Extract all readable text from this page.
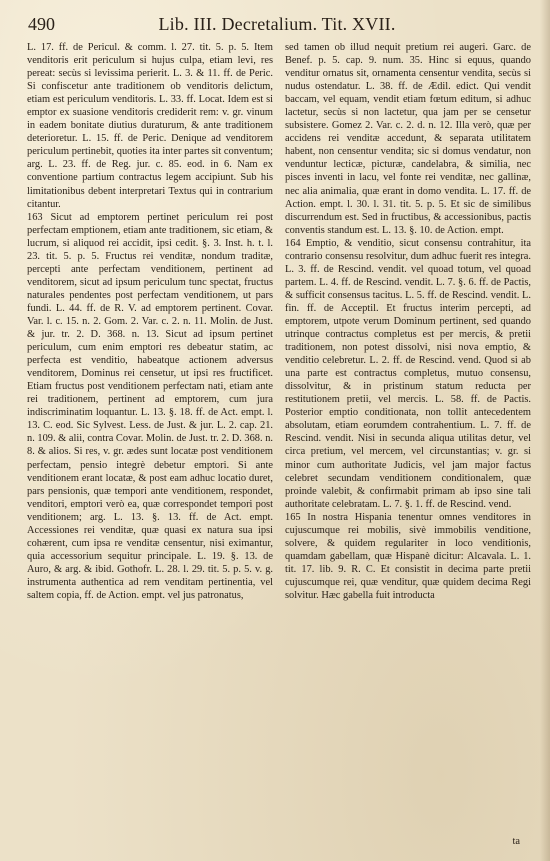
490	Lib. III. Decretalium. Tit. XVII.

L. 17. ff. de Pericul. & comm. l. 27. tit. 5. p. 5. Item venditoris erit periculum si hujus culpa, etiam levi, res pereat: secùs si levissima perierit. L. 3. & 11. ff. de Peric. Si confiscetur ante traditionem ob venditoris delictum, etiam est periculum venditoris. L. 33. ff. Locat. Idem est si emptor ex suasione venditoris crediderit rem: v. gr. vinum in eadem bonitate diutius duraturum, & ante traditionem deterioretur. L. 15. ff. de Peric. Denique ad venditorem periculum pertinebit, quoties ita inter partes sit conventum; arg. L. 23. ff. de Reg. jur. c. 85. eod. in 6. Nam ex conventione partium contractus legem accipiunt. Sub his limitationibus debent interpretari Textus qui in contrarium citantur.

163 Sicut ad emptorem pertinet periculum rei post perfectam emptionem, etiam ante traditionem, sic etiam, & lucrum, si aliquod rei accidit, ipsi cedit. §. 3. Inst. h. t. l. 23. tit. 5. p. 5. Fructus rei venditæ, nondum traditæ, percepti ante perfectam venditionem, pertinent ad venditorem, sicut ad ipsum periculum tunc spectat, fructus naturales pendentes post perfectam venditionem, ut pars fundi. L. 44. ff. de R. V. ad emptorem pertinent. Covar. Var. l. c. 15. n. 2. Gom. 2. Var. c. 2. n. 11. Molin. de Just. & jur. tr. 2. D. 368. n. 13. Sicut ad ipsum pertinet periculum, cum enim emptori res debeatur statim, ac perfecta est venditio, habeatque actionem adversus venditorem, Dominus rei censetur, ut ipsi res fructificet. Etiam fructus post venditionem perfectam nati, etiam ante rei traditionem, pertinent ad emptorem, cum jura indiscriminatim loquantur. L. 13. §. 18. ff. de Act. empt. l. 13. C. eod. Sic Sylvest. Less. de Just. & jur. L. 2. cap. 21. n. 109. & alii, contra Covar. Molin. de Just. tr. 2. D. 368. n. 8. & alios. Si res, v. gr. ædes sunt locatæ post venditionem perfectam, pensio integrè debetur emptori. Si ante venditionem erant locatæ, & post eam adhuc locatio duret, pars pensionis, quæ tempori ante venditionem, respondet, venditori, emptori verò ea, quæ correspondet tempori post venditionem; arg. L. 13. §. 13. ff. de Act. empt. Accessiones rei venditæ, quæ quasi ex natura sua ipsi cohærent, cum ipsa re venditæ censentur, nisi eximantur, quia accessorium sequitur principale. L. 19. §. 13. de Auro, & arg. & ibid. Gothofr. L. 28. l. 29. tit. 5. p. 5. v. g. instrumenta authentica ad rem venditam pertinentia, vel saltem copia, ff. de Action. empt. vel jus patronatus,

sed tamen ob illud nequit pretium rei augeri. Garc. de Benef. p. 5. cap. 9. num. 35. Hinc si equus, quando venditur ornatus sit, ornamenta censentur vendita, secùs si nudus ostendatur. L. 38. ff. de Ædil. edict. Qui vendit baccam, vel equam, vendit etiam fœtum editum, si adhuc lactetur, secùs si non lactetur, qua jam per se censetur subsistere. Gomez 2. Var. c. 2. d. n. 12. Illa verò, quæ per accidens rei venditæ accedunt, & separata utilitatem habent, non censentur vendita; sic si domus vendatur, non venduntur lecticæ, picturæ, candelabra, & similia, nec pisces inventi in lacu, vel fonte rei venditæ, nec gallinæ, nec alia animalia, quæ erant in domo vendita. L. 17. ff. de Action. empt. l. 30. l. 31. tit. 5. p. 5. Et sic de similibus discurrendum est. Sed in fructibus, & accessionibus, pactis conventis standum est. L. 13. §. 10. de Action. empt.

164 Emptio, & venditio, sicut consensu contrahitur, ita contrario consensu resolvitur, dum adhuc fuerit res integra. L. 3. ff. de Rescind. vendit. vel quoad totum, vel quoad partem. L. 4. ff. de Rescind. vendit. L. 7. §. 6. ff. de Pactis, & sufficit consensus tacitus. L. 5. ff. de Rescind. vendit. L. fin. ff. de Acceptil. Et fructus interim percepti, ad emptorem, utpote verum Dominum pertinent, sed quando utrinque contractus completus est per mercis, & pretii traditionem, non potest dissolvi, nisi nova emptio, & venditio celebretur. L. 2. ff. de Rescind. vend. Quod si ab una parte est contractus completus, mutuo consensu, dissolvitur, & in pristinum statum reducta per restitutionem pretii, vel mercis. L. 58. ff. de Pactis. Posterior emptio conditionata, non tollit antecedentem absolutam, etiam eorumdem contrahentium. L. 7. ff. de Rescind. vendit. Nisi in secunda aliqua utilitas detur, vel circa pretium, vel mercem, vel circunstantias; v. gr. si minor cum authoritate Judicis, vel jam major factus celebret secundam venditionem conditionalem, quæ proinde valebit, & confirmabit primam ab ipso sine tali authoritate celebratam. L. 7. §. 1. ff. de Rescind. vend.

165 In nostra Hispania tenentur omnes venditores in cujuscumque rei mobilis, sivè immobilis venditione, solvere, & quidem regulariter in loco venditionis, quamdam gabellam, quæ Hispanè dicitur: Alcavala. L. 1. tit. 17. lib. 9. R. C. Et consistit in decima parte pretii cujuscumque rei, quæ venditur, quæ quidem decima Regi solvitur. Hæc gabella fuit introducta

ta
